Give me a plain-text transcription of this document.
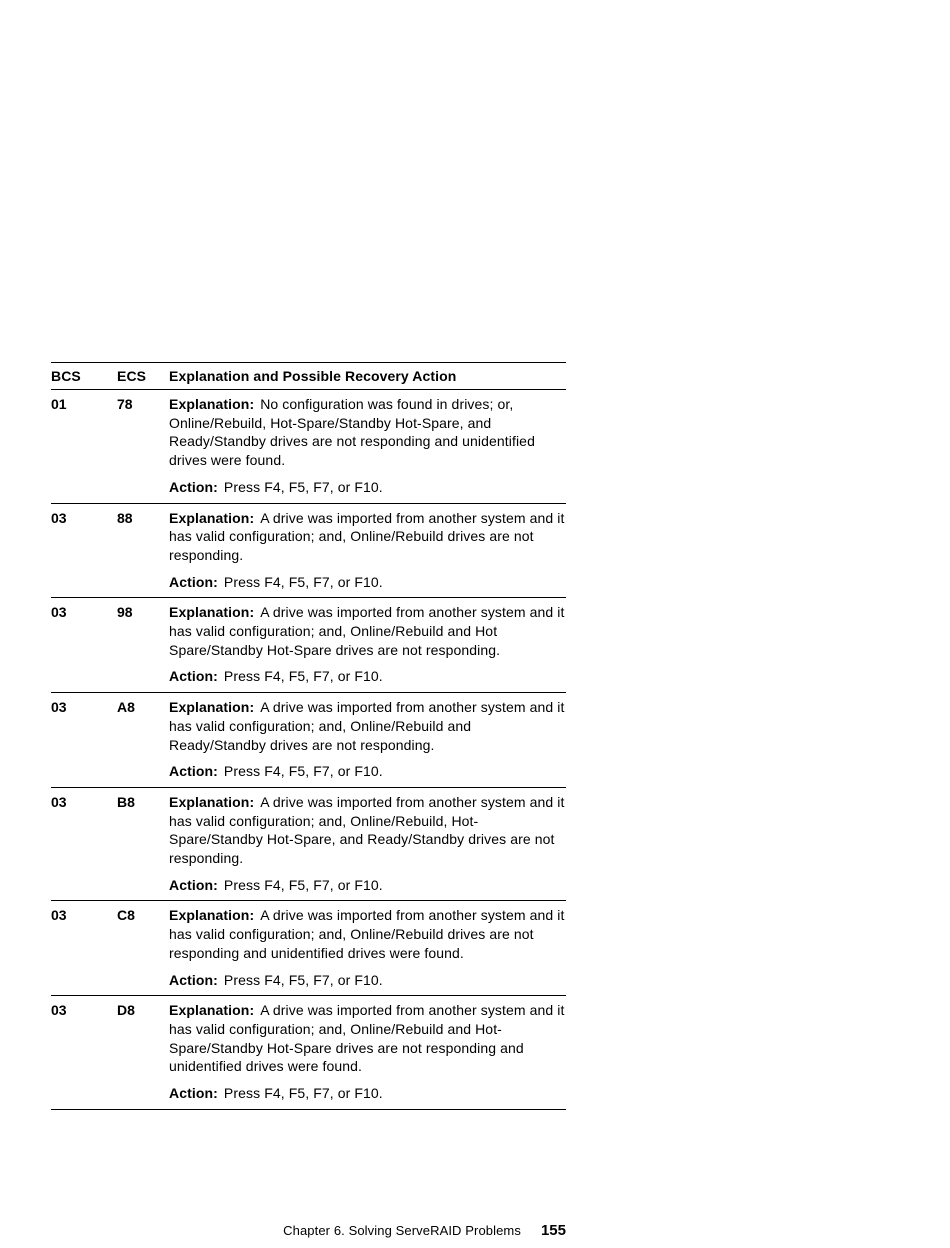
BCS	ECS	Explanation and Possible Recovery Action
01	78	Explanation: No configuration was found in drives; or, Online/Rebuild, Hot-Spare/Standby Hot-Spare, and Ready/Standby drives are not responding and unidentified drives were found.
Action: Press F4, F5, F7, or F10.
03	88	Explanation: A drive was imported from another system and it has valid configuration; and, Online/Rebuild drives are not responding.
Action: Press F4, F5, F7, or F10.
03	98	Explanation: A drive was imported from another system and it has valid configuration; and, Online/Rebuild and Hot Spare/Standby Hot-Spare drives are not responding.
Action: Press F4, F5, F7, or F10.
03	A8	Explanation: A drive was imported from another system and it has valid configuration; and, Online/Rebuild and Ready/Standby drives are not responding.
Action: Press F4, F5, F7, or F10.
03	B8	Explanation: A drive was imported from another system and it has valid configuration; and, Online/Rebuild, Hot-Spare/Standby Hot-Spare, and Ready/Standby drives are not responding.
Action: Press F4, F5, F7, or F10.
03	C8	Explanation: A drive was imported from another system and it has valid configuration; and, Online/Rebuild drives are not responding and unidentified drives were found.
Action: Press F4, F5, F7, or F10.
03	D8	Explanation: A drive was imported from another system and it has valid configuration; and, Online/Rebuild and Hot-Spare/Standby Hot-Spare drives are not responding and unidentified drives were found.
Action: Press F4, F5, F7, or F10.
Chapter 6. Solving ServeRAID Problems 155
